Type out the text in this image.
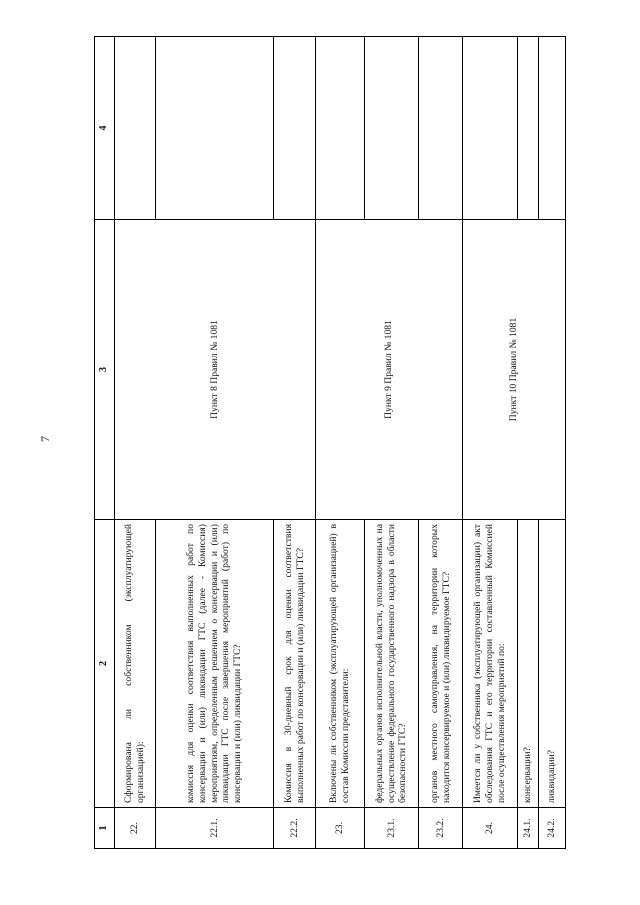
7
1	2	3	4
22.	Сформирована ли собственником (эксплуатирующей организацией):	Пункт 8 Правил № 1081	
22.1.	комиссия для оценки соответствия выполненных работ по консервации и (или) ликвидации ГТС (далее - Комиссия) мероприятиям, определенным решением о консервации и (или) ликвидации ГТС после завершения мероприятий (работ) по консервации и (или) ликвидации ГТС?		
22.2.	Комиссия в 30-дневный срок для оценки соответствия выполненных работ по консервации и (или) ликвидации ГТС?		
23.	Включены ли собственником (эксплуатирующей организацией) в состав Комиссии представители:	Пункт 9 Правил № 1081	
23.1.	федеральных органов исполнительной власти, уполномоченных на осуществление федерального государственного надзора в области безопасности ГТС?		
23.2.	органов местного самоуправления, на территории которых находится консервируемое и (или) ликвидируемое ГТС?		
24.	Имеется ли у собственника (эксплуатирующей организации) акт обследования ГТС и его территории составленный Комиссией после осуществления мероприятий по:	Пункт 10 Правил № 1081	
24.1.	консервации?		
24.2.	ликвидации?		
